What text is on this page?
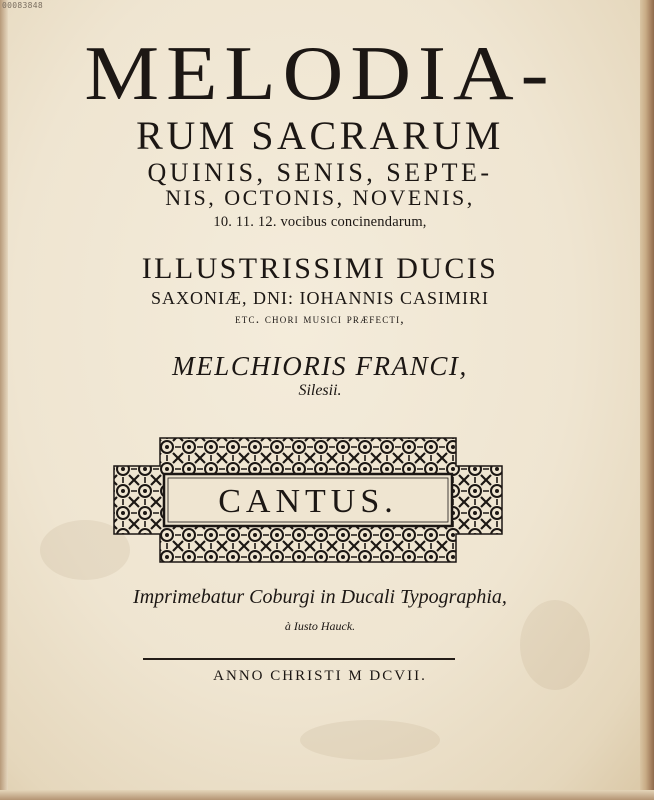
00083848
MELODIA-
RUM SACRARUM
QUINIS, SENIS, SEPTE-
NIS, OCTONIS, NOVENIS,
10. 11. 12. vocibus concinendarum,
ILLUSTRISSIMI DUCIS
SAXONIÆ, DNI: IOHANNIS CASIMIRI
etc. chori musici præfecti,
MELCHIORIS FRANCI,
Silesii.
CANTUS.
Imprimebatur Coburgi in Ducali Typographia,
à Iusto Hauck.
ANNO CHRISTI M DCVII.
